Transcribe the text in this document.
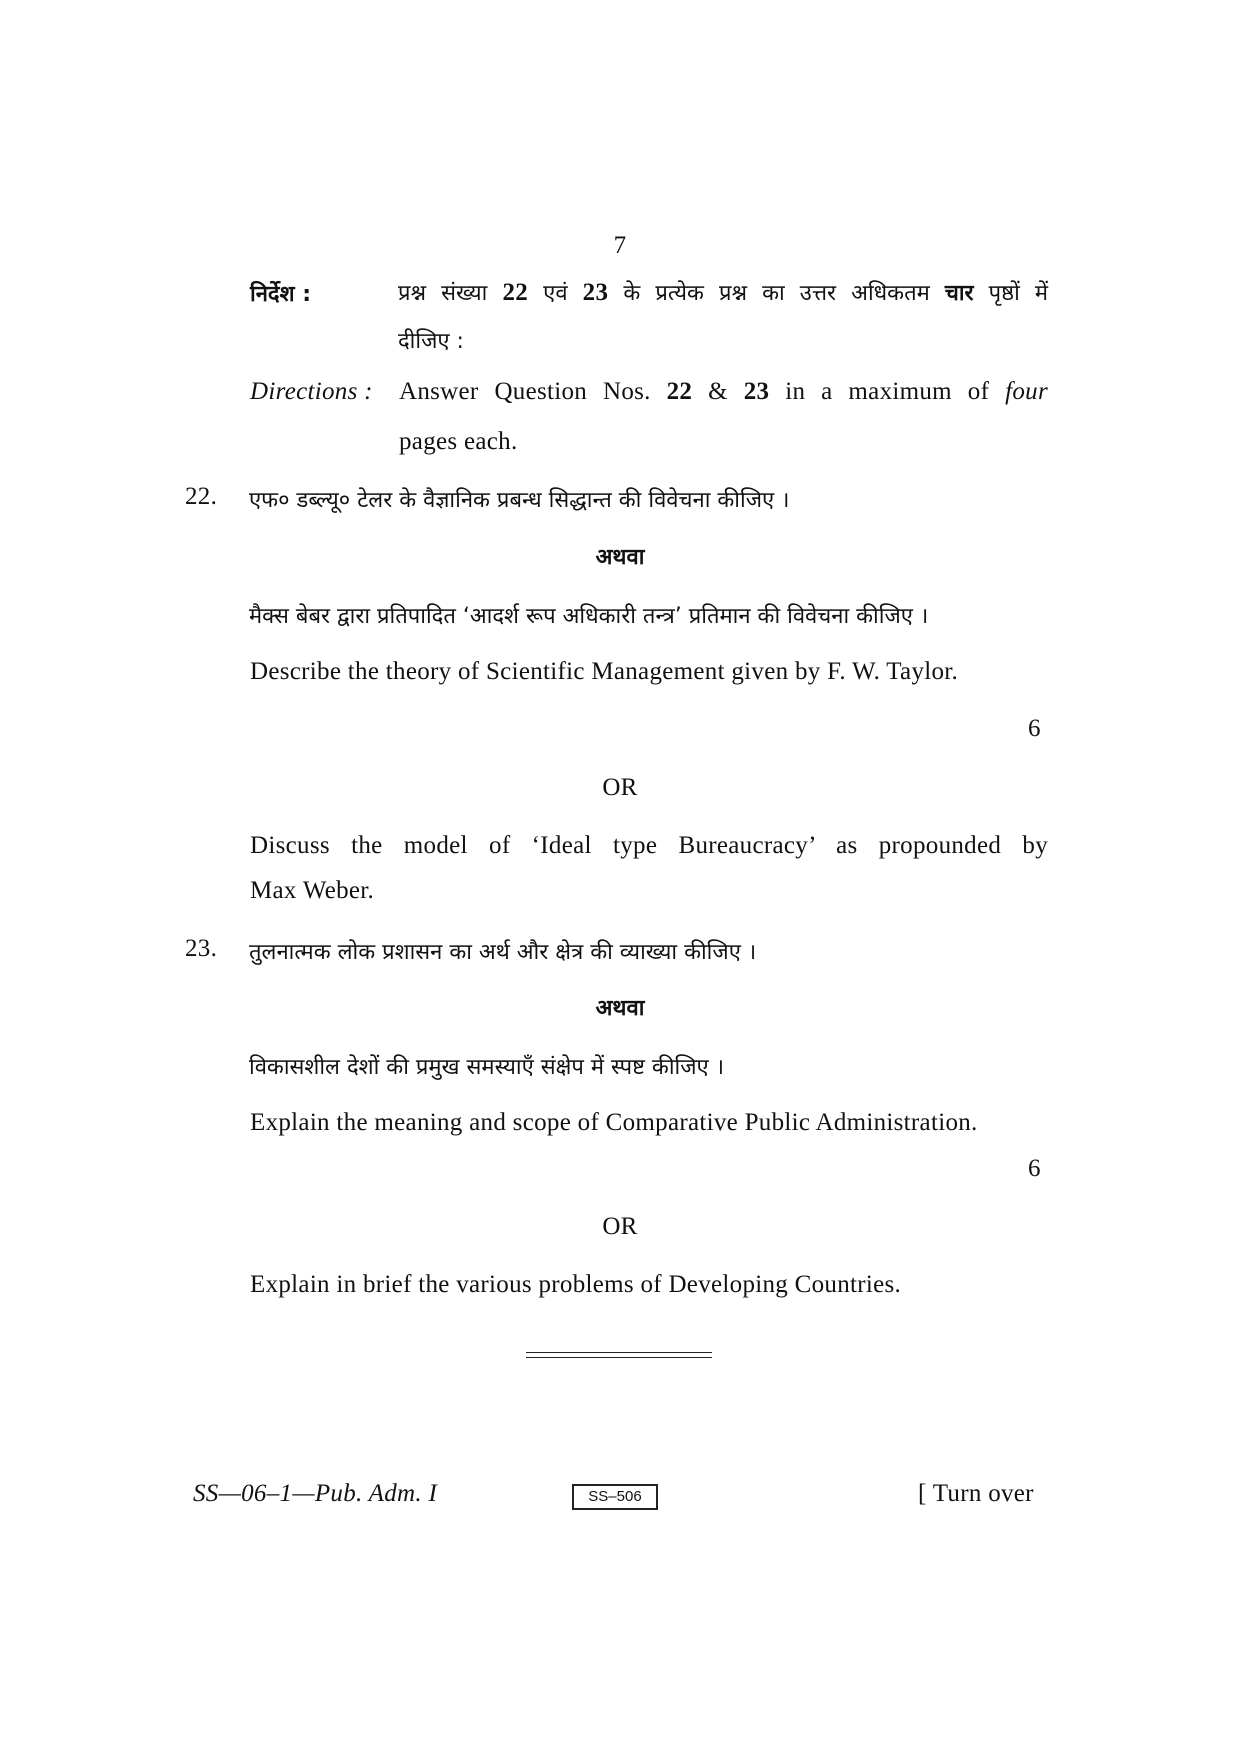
7
निर्देश :	प्रश्न संख्या 22 एवं 23 के प्रत्येक प्रश्न का उत्तर अधिकतम चार पृष्ठों में
दीजिए :
Directions : Answer Question Nos. 22 & 23 in a maximum of four
pages each.
22. एफ० डब्ल्यू० टेलर के वैज्ञानिक प्रबन्ध सिद्धान्त की विवेचना कीजिए ।
अथवा
मैक्स बेबर द्वारा प्रतिपादित ‘आदर्श रूप अधिकारी तन्त्र’ प्रतिमान की विवेचना कीजिए ।
Describe the theory of Scientific Management given by F. W. Taylor.
6
OR
Discuss the model of ‘Ideal type Bureaucracy’ as propounded by
Max Weber.
23. तुलनात्मक लोक प्रशासन का अर्थ और क्षेत्र की व्याख्या कीजिए ।
अथवा
विकासशील देशों की प्रमुख समस्याएँ संक्षेप में स्पष्ट कीजिए ।
Explain the meaning and scope of Comparative Public Administration.
6
OR
Explain in brief the various problems of Developing Countries.
SS—06–1—Pub. Adm. I	SS–506	[ Turn over
